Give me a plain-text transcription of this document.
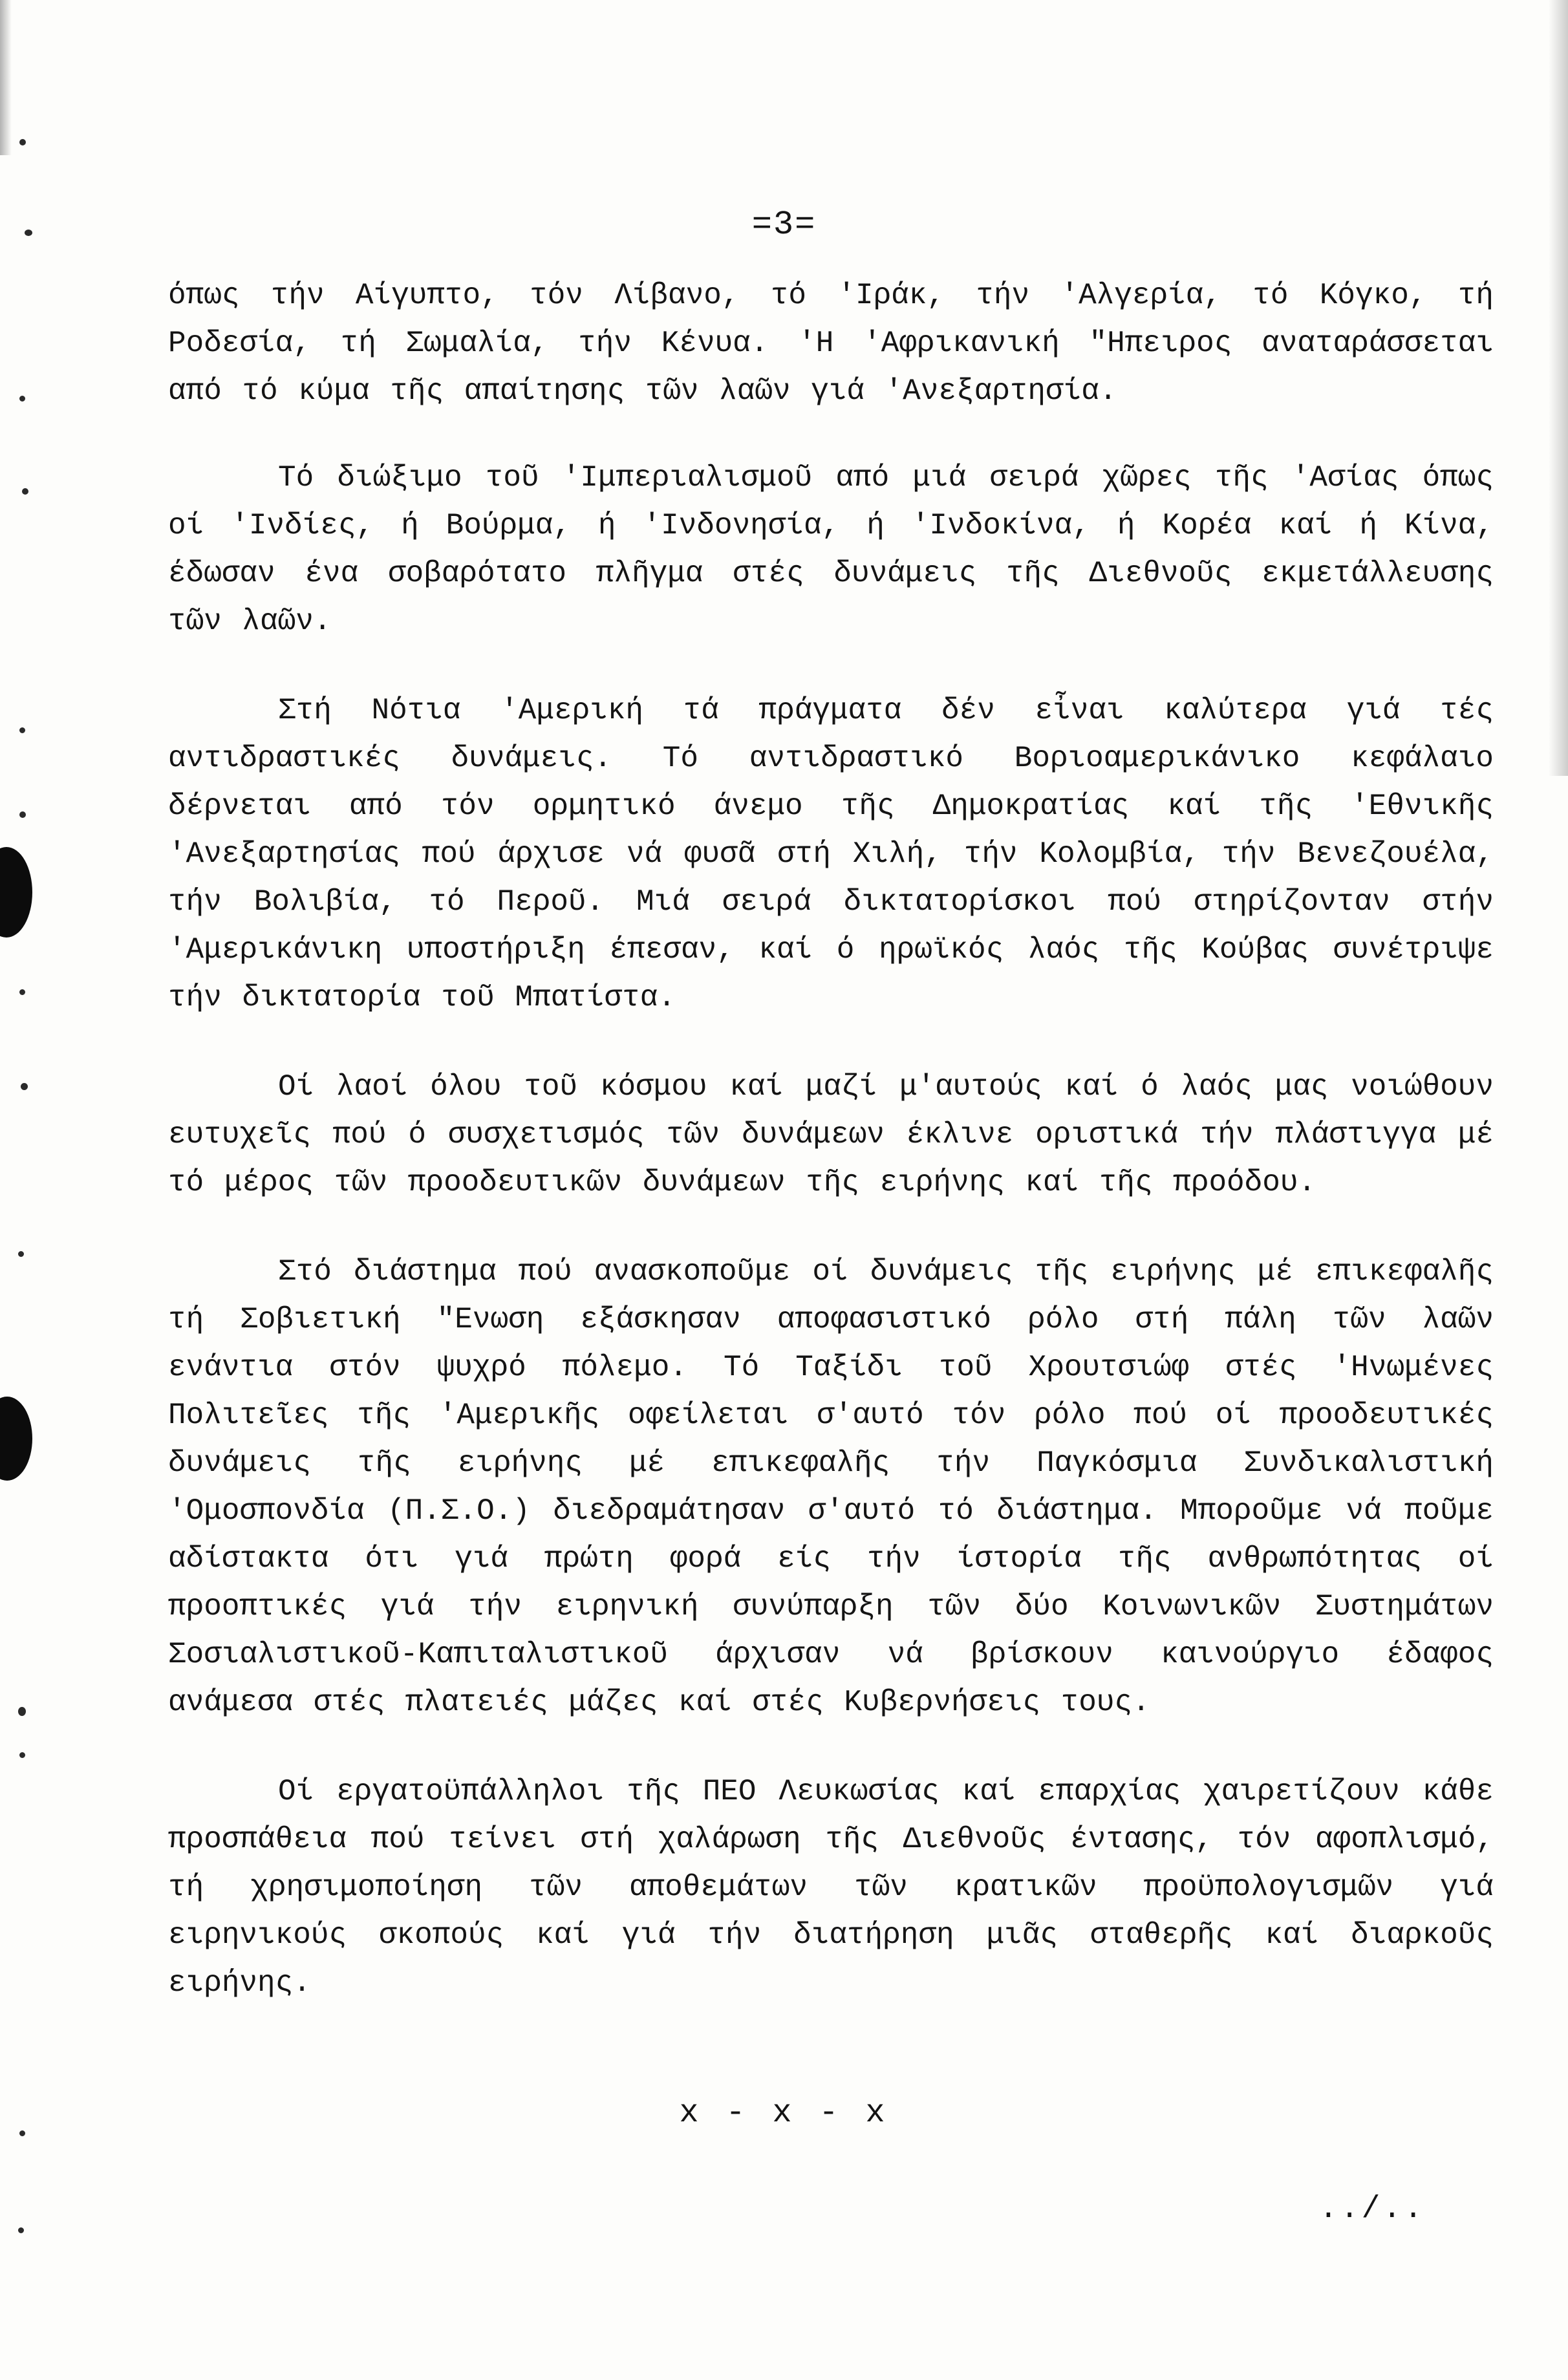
=3=

όπως τήν Αίγυπτο, τόν Λίβανο, τό 'Ιράκ, τήν 'Αλγερία, τό Κόγκο, τή Ροδεσία, τή Σωμαλία, τήν Κένυα. 'Η 'Αφρικανική "Ηπειρος αναταράσσεται από τό κύμα τῆς απαίτησης τῶν λαῶν γιά 'Ανεξαρτησία.

Τό διώξιμο τοῦ 'Ιμπεριαλισμοῦ από μιά σειρά χῶρες τῆς 'Ασίας όπως οί 'Ινδίες, ή Βούρμα, ή 'Ινδονησία, ή 'Ινδοκίνα, ή Κορέα καί ή Κίνα, έδωσαν ένα σοβαρότατο πλῆγμα στές δυνάμεις τῆς Διεθνοῦς εκμετάλλευσης τῶν λαῶν.

Στή Νότια 'Αμερική τά πράγματα δέν εἶναι καλύτερα γιά τές αντιδραστικές δυνάμεις. Τό αντιδραστικό Βοριοαμερικάνικο κεφάλαιο δέρνεται από τόν ορμητικό άνεμο τῆς Δημοκρατίας καί τῆς 'Εθνικῆς 'Ανεξαρτησίας πού άρχισε νά φυσᾶ στή Χιλή, τήν Κολομβία, τήν Βενεζουέλα, τήν Βολιβία, τό Περοῦ. Μιά σειρά δικτατορίσκοι πού στηρίζονταν στήν 'Αμερικάνικη υποστήριξη έπεσαν, καί ό ηρωϊκός λαός τῆς Κούβας συνέτριψε τήν δικτατορία τοῦ Μπατίστα.

Οί λαοί όλου τοῦ κόσμου καί μαζί μ'αυτούς καί ό λαός μας νοιώθουν ευτυχεῖς πού ό συσχετισμός τῶν δυνάμεων έκλινε οριστικά τήν πλάστιγγα μέ τό μέρος τῶν προοδευτικῶν δυνάμεων τῆς ειρήνης καί τῆς προόδου.

Στό διάστημα πού ανασκοποῦμε οί δυνάμεις τῆς ειρήνης μέ επικεφαλῆς τή Σοβιετική "Ενωση εξάσκησαν αποφασιστικό ρόλο στή πάλη τῶν λαῶν ενάντια στόν ψυχρό πόλεμο. Τό Ταξίδι τοῦ Χρουτσιώφ στές 'Ηνωμένες Πολιτεῖες τῆς 'Αμερικῆς οφείλεται σ'αυτό τόν ρόλο πού οί προοδευτικές δυνάμεις τῆς ειρήνης μέ επικεφαλῆς τήν Παγκόσμια Συνδικαλιστική 'Ομοσπονδία (Π.Σ.Ο.) διεδραμάτησαν σ'αυτό τό διάστημα. Μποροῦμε νά ποῦμε αδίστακτα ότι γιά πρώτη φορά είς τήν ίστορία τῆς ανθρωπότητας οί προοπτικές γιά τήν ειρηνική συνύπαρξη τῶν δύο Κοινωνικῶν Συστημάτων Σοσιαλιστικοῦ-Καπιταλιστικοῦ άρχισαν νά βρίσκουν καινούργιο έδαφος ανάμεσα στές πλατειές μάζες καί στές Κυβερνήσεις τους.

Οί εργατοϋπάλληλοι τῆς ΠΕΟ Λευκωσίας καί επαρχίας χαιρετίζουν κάθε προσπάθεια πού τείνει στή χαλάρωση τῆς Διεθνοῦς έντασης, τόν αφοπλισμό, τή χρησιμοποίηση τῶν αποθεμάτων τῶν κρατικῶν προϋπολογισμῶν γιά ειρηνικούς σκοπούς καί γιά τήν διατήρηση μιᾶς σταθερῆς καί διαρκοῦς ειρήνης.

x - x - x
../..
